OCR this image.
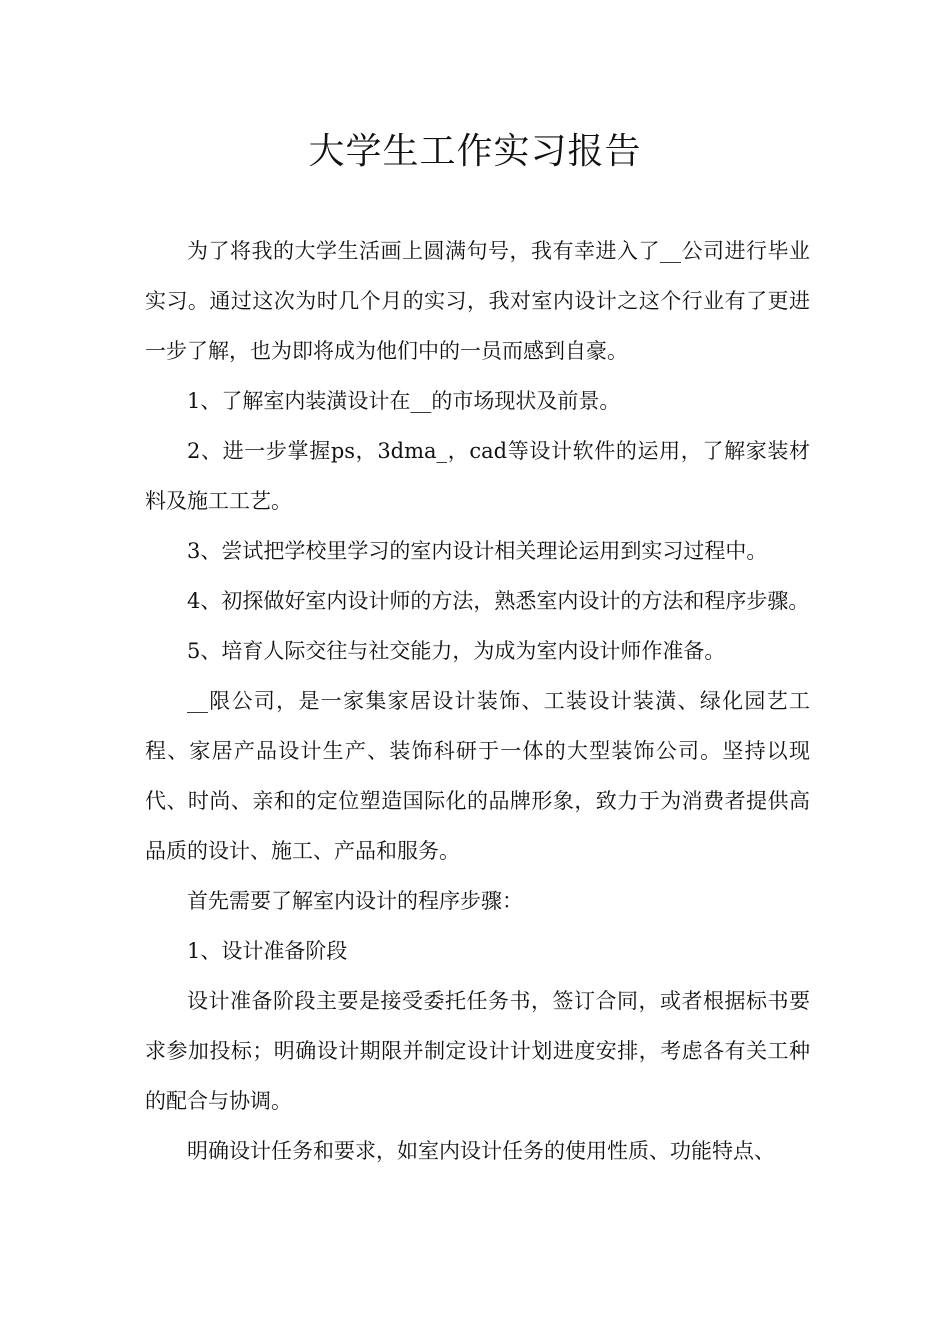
大学生工作实习报告

为了将我的大学生活画上圆满句号，我有幸进入了__公司进行毕业实习。通过这次为时几个月的实习，我对室内设计之这个行业有了更进一步了解，也为即将成为他们中的一员而感到自豪。

1、了解室内装潢设计在__的市场现状及前景。

2、进一步掌握ps，3dma_，cad等设计软件的运用，了解家装材料及施工工艺。

3、尝试把学校里学习的室内设计相关理论运用到实习过程中。

4、初探做好室内设计师的方法，熟悉室内设计的方法和程序步骤。

5、培育人际交往与社交能力，为成为室内设计师作准备。

__限公司，是一家集家居设计装饰、工装设计装潢、绿化园艺工程、家居产品设计生产、装饰科研于一体的大型装饰公司。坚持以现代、时尚、亲和的定位塑造国际化的品牌形象，致力于为消费者提供高品质的设计、施工、产品和服务。

首先需要了解室内设计的程序步骤：

1、设计准备阶段

设计准备阶段主要是接受委托任务书，签订合同，或者根据标书要求参加投标；明确设计期限并制定设计计划进度安排，考虑各有关工种的配合与协调。

明确设计任务和要求，如室内设计任务的使用性质、功能特点、
